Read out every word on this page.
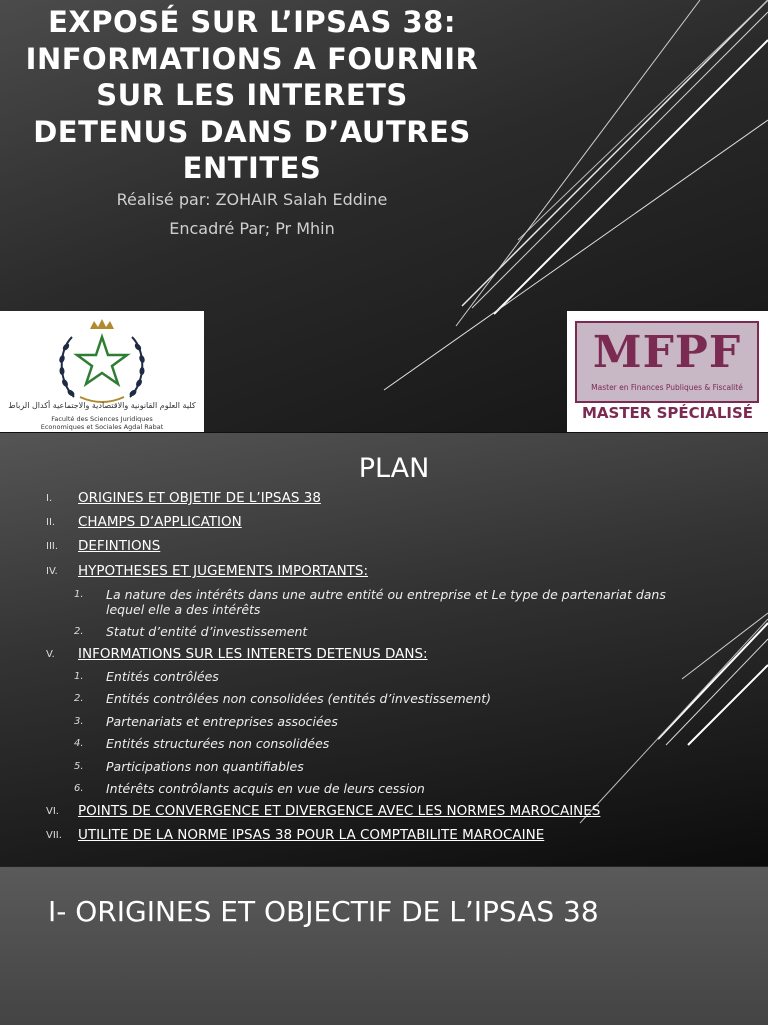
EXPOSÉ SUR L’IPSAS 38:
INFORMATIONS A FOURNIR
SUR LES INTERETS
DETENUS DANS D’AUTRES
ENTITES

Réalisé par: ZOHAIR Salah Eddine

Encadré Par; Pr Mhin

كلية العلوم القانونية والاقتصادية والاجتماعية أكدال الرباط

Faculté des Sciences Juridiques
Economiques et Sociales Agdal Rabat

MFPF

Master en Finances Publiques & Fiscalité

MASTER SPÉCIALISÉ

PLAN

I. ORIGINES ET OBJETIF DE L’IPSAS 38
II. CHAMPS D’APPLICATION
III. DEFINTIONS
IV. HYPOTHESES ET JUGEMENTS IMPORTANTS:
1. La nature des intérêts dans une autre entité ou entreprise et Le type de partenariat dans lequel elle a des intérêts
2. Statut d’entité d’investissement
V. INFORMATIONS SUR LES INTERETS DETENUS DANS:
1. Entités contrôlées
2. Entités contrôlées non consolidées (entités d’investissement)
3. Partenariats et entreprises associées
4. Entités structurées non consolidées
5. Participations non quantifiables
6. Intérêts contrôlants acquis en vue de leurs cession
VI. POINTS DE CONVERGENCE ET DIVERGENCE AVEC LES NORMES MAROCAINES
VII. UTILITE DE LA NORME IPSAS 38 POUR LA COMPTABILITE MAROCAINE

I- ORIGINES ET OBJECTIF DE L’IPSAS 38
